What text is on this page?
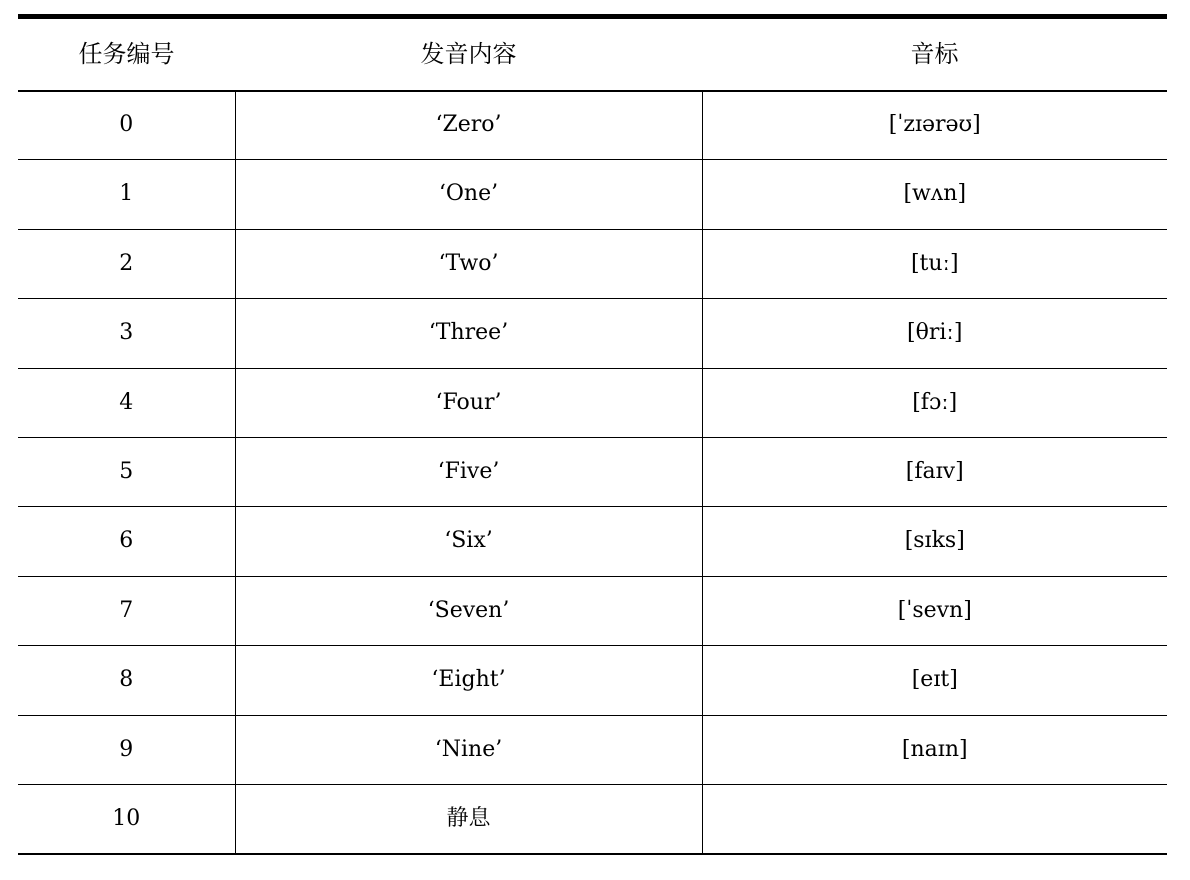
任务编号	发音内容	音标
0	‘Zero’	[ˈzɪərəʊ]
1	‘One’	[wʌn]
2	‘Two’	[tuː]
3	‘Three’	[θriː]
4	‘Four’	[fɔː]
5	‘Five’	[faɪv]
6	‘Six’	[sɪks]
7	‘Seven’	[ˈsevn]
8	‘Eight’	[eɪt]
9	‘Nine’	[naɪn]
10	静息	
